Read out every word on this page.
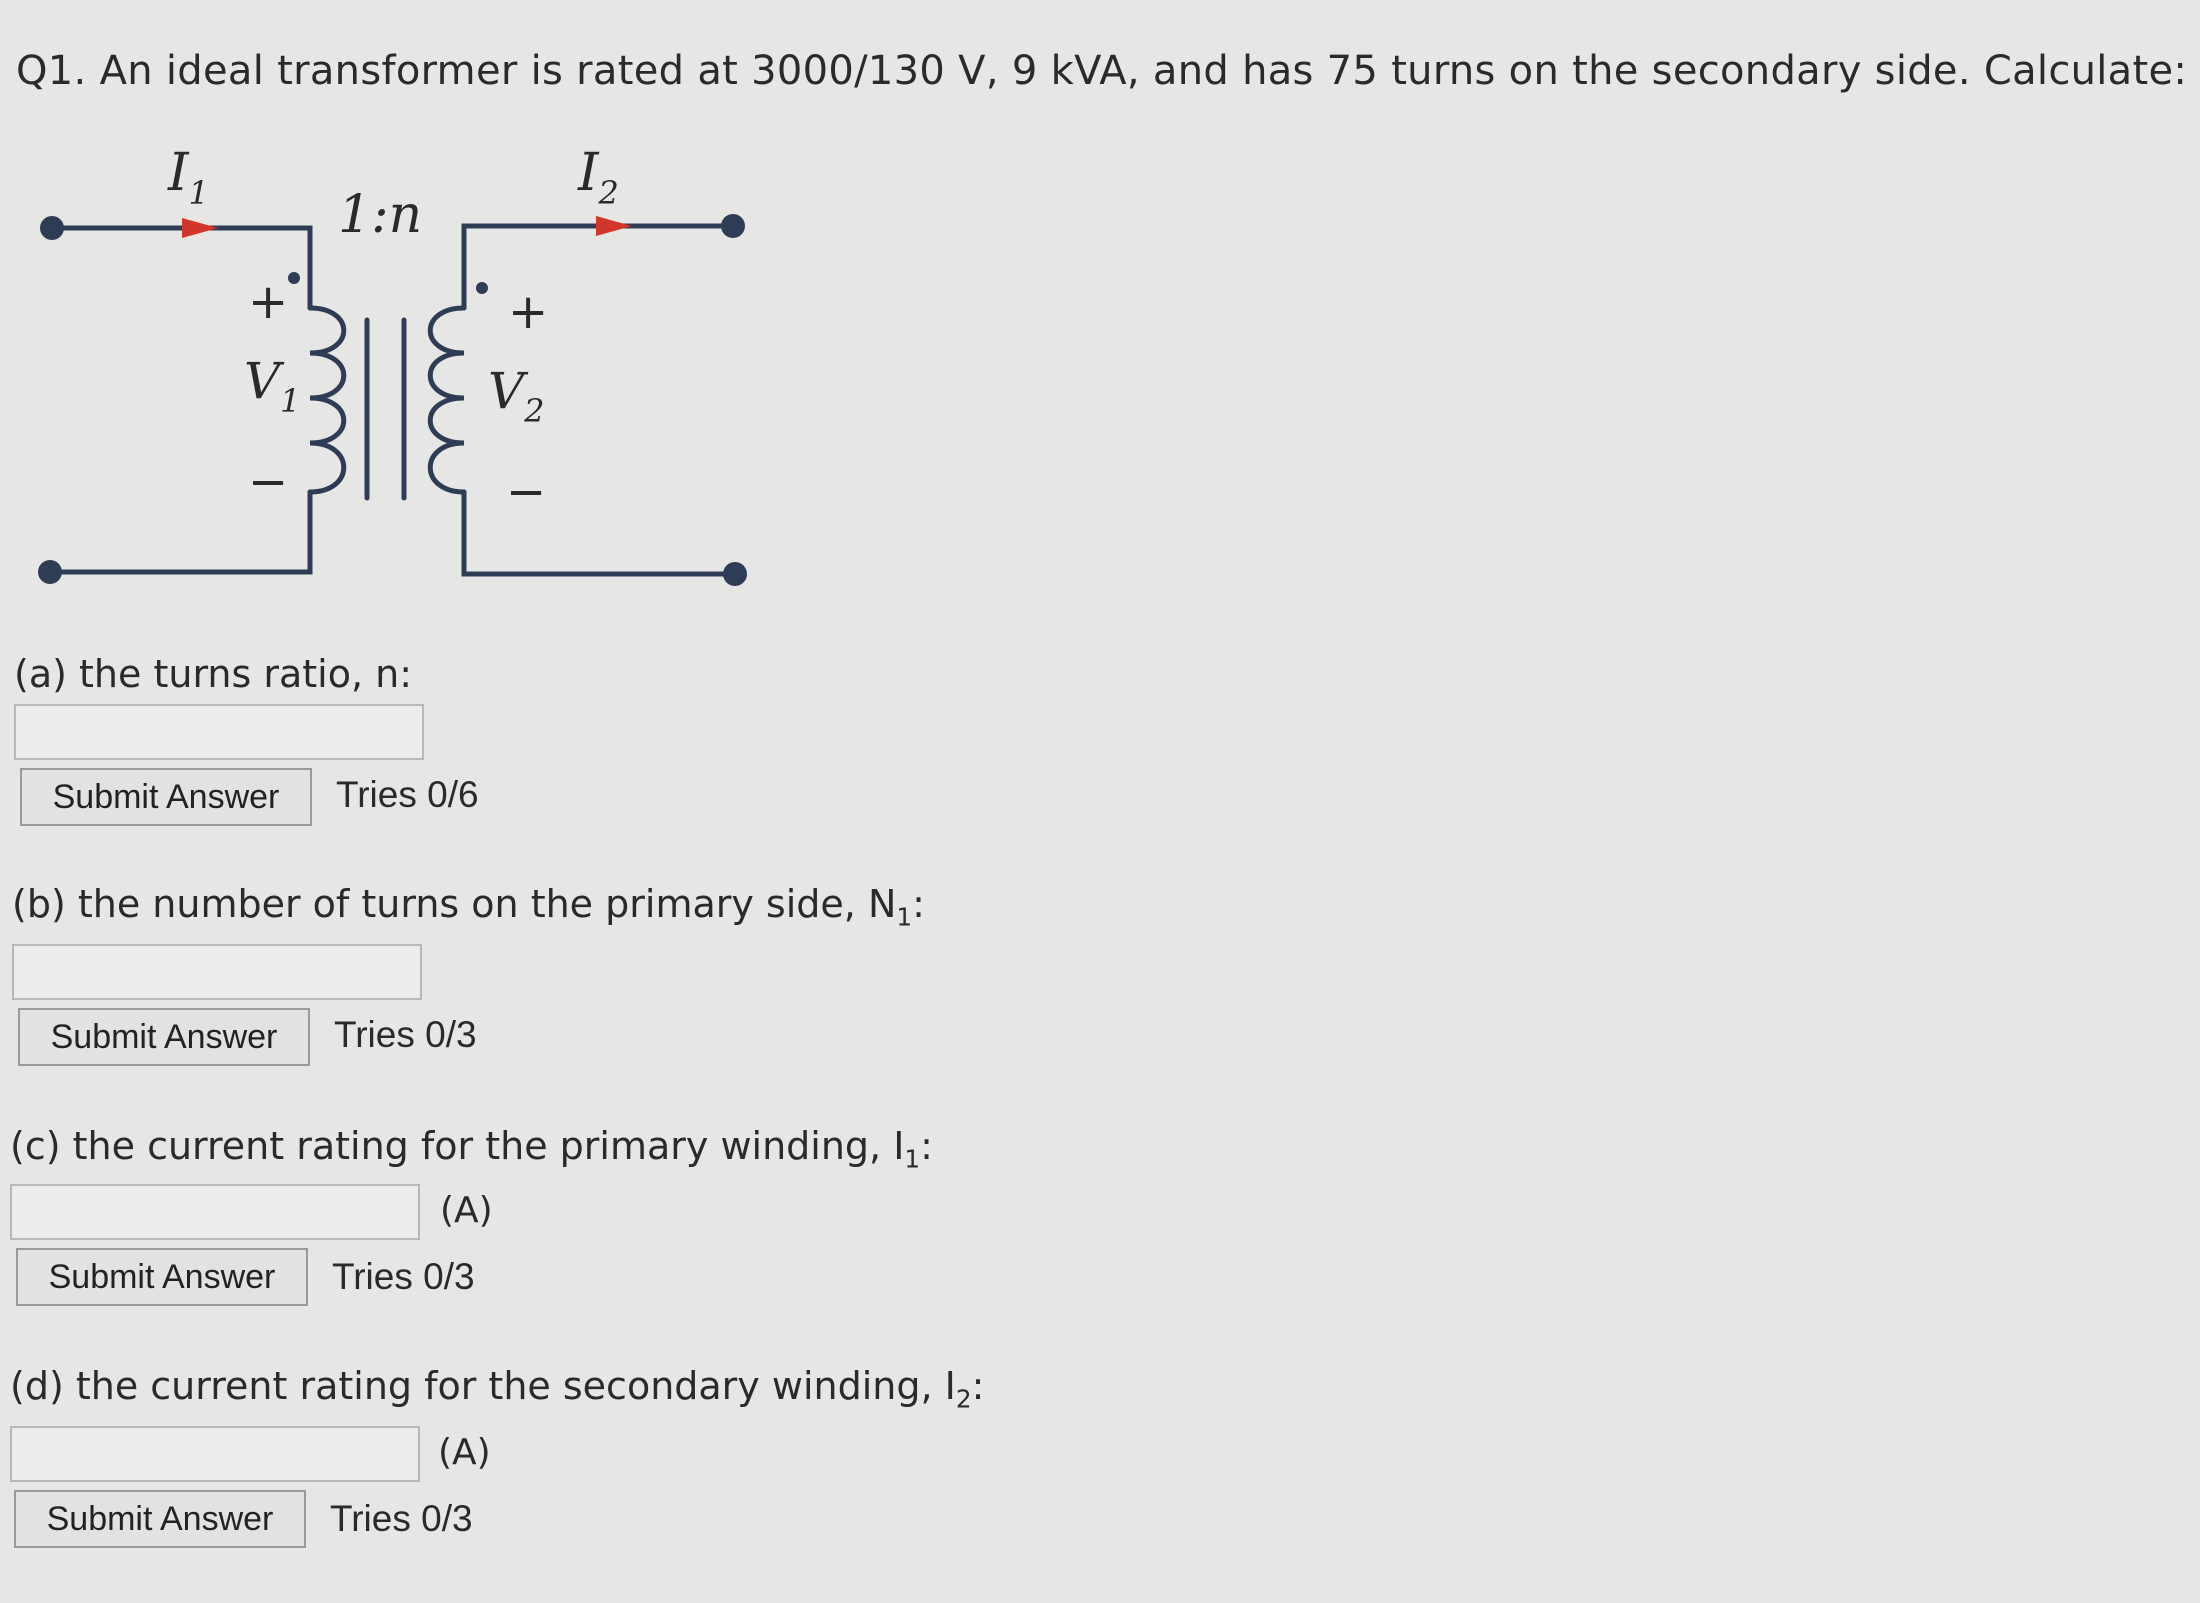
Q1. An ideal transformer is rated at 3000/130 V, 9 kVA, and has 75 turns on the secondary side. Calculate:
$I_1$	$I_2$
1:n
$V_1$	$V_2$
+
−
+
−
(a) the turns ratio, n:
Submit Answer	Tries 0/6
(b) the number of turns on the primary side, $N_1$:
Submit Answer	Tries 0/3
(c) the current rating for the primary winding, $I_1$:
(A)
Submit Answer	Tries 0/3
(d) the current rating for the secondary winding, $I_2$:
(A)
Submit Answer	Tries 0/3
